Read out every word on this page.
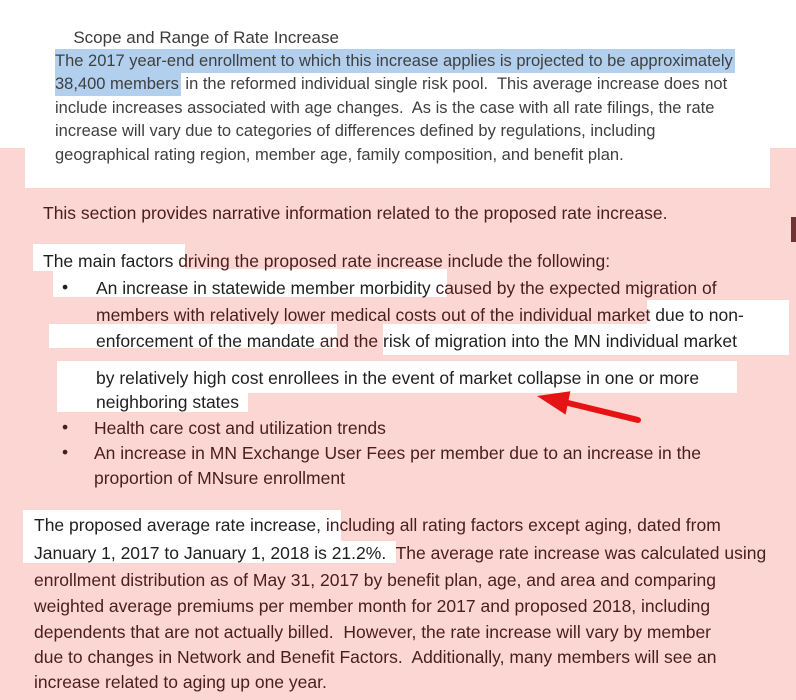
Scope and Range of Rate Increase

The 2017 year-end enrollment to which this increase applies is projected to be approximately
38,400 members in the reformed individual single risk pool.  This average increase does not
include increases associated with age changes.  As is the case with all rate filings, the rate
increase will vary due to categories of differences defined by regulations, including
geographical rating region, member age, family composition, and benefit plan.
This section provides narrative information related to the proposed rate increase.
The main factors driving the proposed rate increase include the following:
• An increase in statewide member morbidity caused by the expected migration of
members with relatively lower medical costs out of the individual market due to non-
enforcement of the mandate and the risk of migration into the MN individual market
by relatively high cost enrollees in the event of market collapse in one or more
neighboring states
• Health care cost and utilization trends
• An increase in MN Exchange User Fees per member due to an increase in the
proportion of MNsure enrollment
The proposed average rate increase, including all rating factors except aging, dated from
January 1, 2017 to January 1, 2018 is 21.2%.  The average rate increase was calculated using
enrollment distribution as of May 31, 2017 by benefit plan, age, and area and comparing
weighted average premiums per member month for 2017 and proposed 2018, including
dependents that are not actually billed.  However, the rate increase will vary by member
due to changes in Network and Benefit Factors.  Additionally, many members will see an
increase related to aging up one year.
